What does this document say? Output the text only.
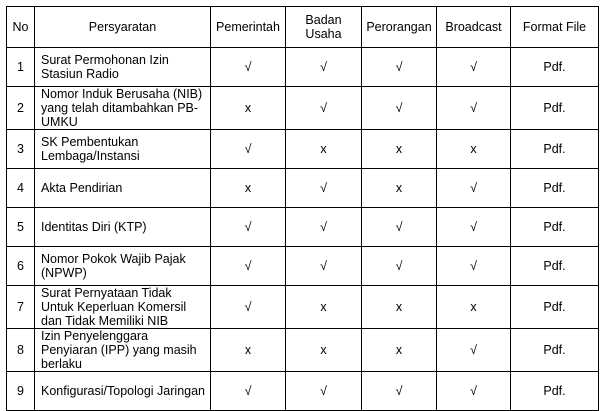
No	Persyaratan	Pemerintah	Badan Usaha	Perorangan	Broadcast	Format File
1	Surat Permohonan Izin Stasiun Radio	√	√	√	√	Pdf.
2	Nomor Induk Berusaha (NIB) yang telah ditambahkan PB-UMKU	x	√	√	√	Pdf.
3	SK Pembentukan Lembaga/Instansi	√	x	x	x	Pdf.
4	Akta Pendirian	x	√	x	√	Pdf.
5	Identitas Diri (KTP)	√	√	√	√	Pdf.
6	Nomor Pokok Wajib Pajak (NPWP)	√	√	√	√	Pdf.
7	Surat Pernyataan Tidak Untuk Keperluan Komersil dan Tidak Memiliki NIB	√	x	x	x	Pdf.
8	Izin Penyelenggara Penyiaran (IPP) yang masih berlaku	x	x	x	√	Pdf.
9	Konfigurasi/Topologi Jaringan	√	√	√	√	Pdf.
